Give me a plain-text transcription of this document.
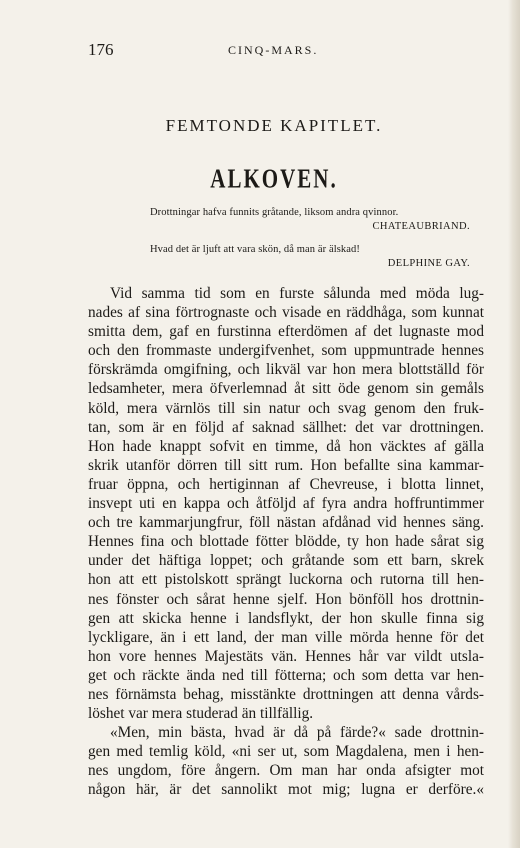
176	CINQ-MARS.
FEMTONDE KAPITLET.
ALKOVEN.
Drottningar hafva funnits gråtande, liksom andra qvinnor.
CHATEAUBRIAND.
Hvad det är ljuft att vara skön, då man är älskad!
DELPHINE GAY.
Vid samma tid som en furste sålunda med möda lug-
nades af sina förtrognaste och visade en räddhåga, som kunnat
smitta dem, gaf en furstinna efterdömen af det lugnaste mod
och den frommaste undergifvenhet, som uppmuntrade hennes
förskrämda omgifning, och likväl var hon mera blottställd för
ledsamheter, mera öfverlemnad åt sitt öde genom sin gemåls
köld, mera värnlös till sin natur och svag genom den fruk-
tan, som är en följd af saknad sällhet: det var drottningen.
Hon hade knappt sofvit en timme, då hon väcktes af gälla
skrik utanför dörren till sitt rum. Hon befallte sina kammar-
fruar öppna, och hertiginnan af Chevreuse, i blotta linnet,
insvept uti en kappa och åtföljd af fyra andra hoffruntimmer
och tre kammarjungfrur, föll nästan afdånad vid hennes säng.
Hennes fina och blottade fötter blödde, ty hon hade sårat sig
under det häftiga loppet; och gråtande som ett barn, skrek
hon att ett pistolskott sprängt luckorna och rutorna till hen-
nes fönster och sårat henne sjelf. Hon bönföll hos drottnin-
gen att skicka henne i landsflykt, der hon skulle finna sig
lyckligare, än i ett land, der man ville mörda henne för det
hon vore hennes Majestäts vän. Hennes hår var vildt utsla-
get och räckte ända ned till fötterna; och som detta var hen-
nes förnämsta behag, misstänkte drottningen att denna vårds-
löshet var mera studerad än tillfällig.
«Men, min bästa, hvad är då på färde?« sade drottnin-
gen med temlig köld, «ni ser ut, som Magdalena, men i hen-
nes ungdom, före ångern. Om man har onda afsigter mot
någon här, är det sannolikt mot mig; lugna er derföre.«
